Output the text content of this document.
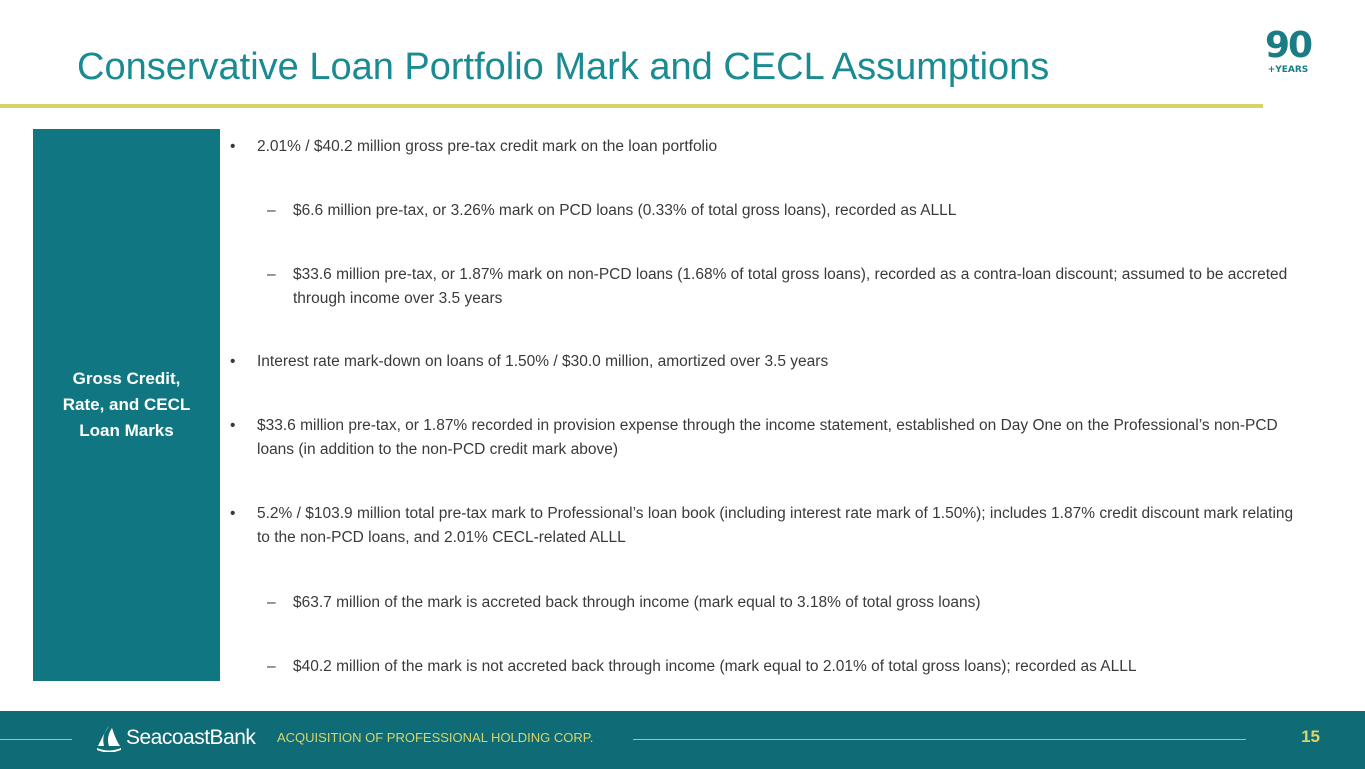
Conservative Loan Portfolio Mark and CECL Assumptions
90
+YEARS
Gross Credit, Rate, and CECL Loan Marks
• 2.01% / $40.2 million gross pre-tax credit mark on the loan portfolio
‒ $6.6 million pre-tax, or 3.26% mark on PCD loans (0.33% of total gross loans), recorded as ALLL
‒ $33.6 million pre-tax, or 1.87% mark on non-PCD loans (1.68% of total gross loans), recorded as a contra-loan discount; assumed to be accreted through income over 3.5 years
• Interest rate mark-down on loans of 1.50% / $30.0 million, amortized over 3.5 years
• $33.6 million pre-tax, or 1.87% recorded in provision expense through the income statement, established on Day One on the Professional’s non-PCD loans (in addition to the non-PCD credit mark above)
• 5.2% / $103.9 million total pre-tax mark to Professional’s loan book (including interest rate mark of 1.50%); includes 1.87% credit discount mark relating to the non-PCD loans, and 2.01% CECL-related ALLL
‒ $63.7 million of the mark is accreted back through income (mark equal to 3.18% of total gross loans)
‒ $40.2 million of the mark is not accreted back through income (mark equal to 2.01% of total gross loans); recorded as ALLL
SeacoastBank ACQUISITION OF PROFESSIONAL HOLDING CORP.	15
